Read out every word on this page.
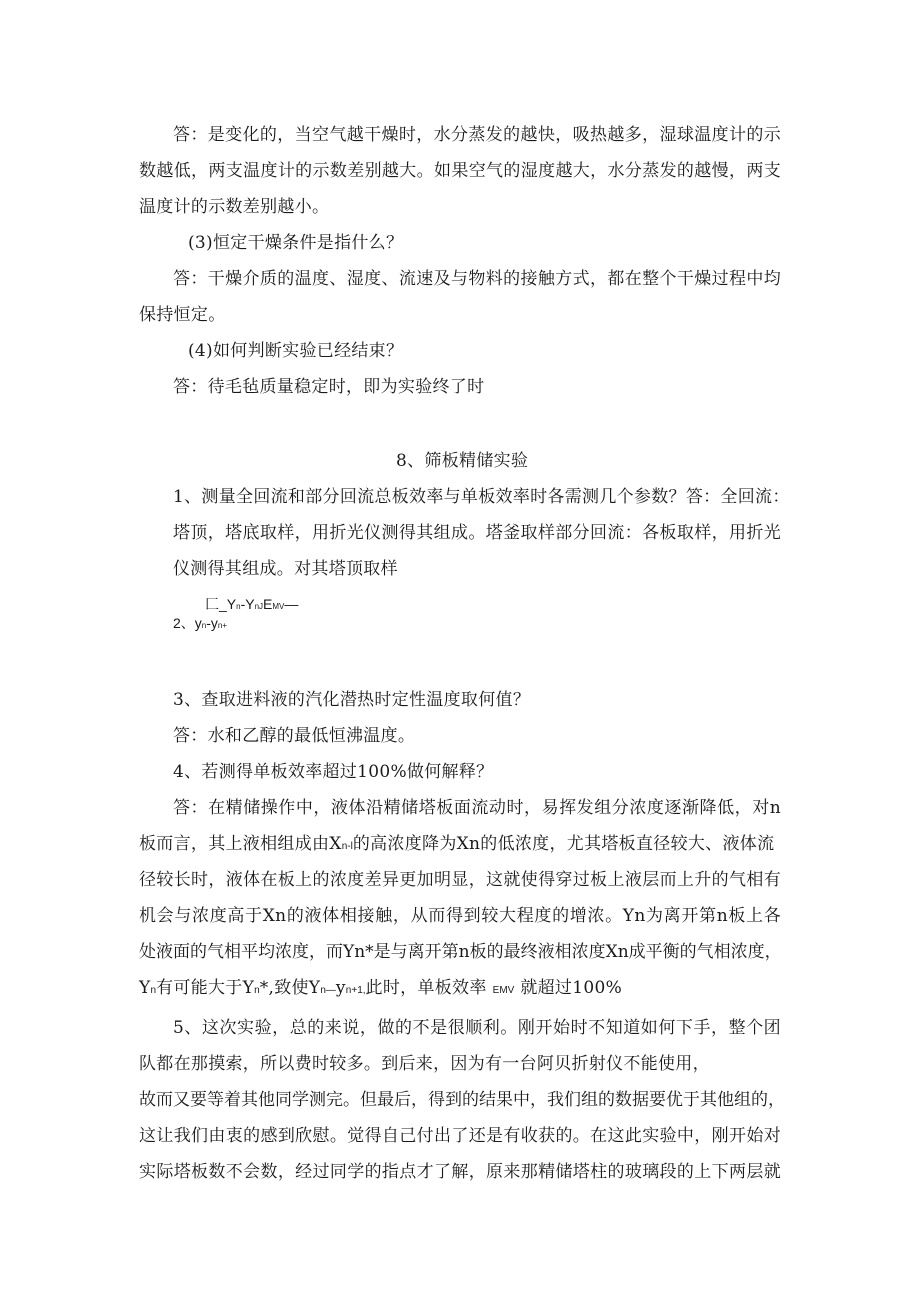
答：是变化的，当空气越干燥时，水分蒸发的越快，吸热越多，湿球温度计的示
数越低，两支温度计的示数差别越大。如果空气的湿度越大，水分蒸发的越慢，两支
温度计的示数差别越小。
(3)恒定干燥条件是指什么？
答：干燥介质的温度、湿度、流速及与物料的接触方式，都在整个干燥过程中均
保持恒定。
(4)如何判断实验已经结束？
答：待毛毡质量稳定时，即为实验终了时
8、筛板精储实验
1、测量全回流和部分回流总板效率与单板效率时各需测几个参数？答：全回流：
塔顶，塔底取样，用折光仪测得其组成。塔釜取样部分回流：各板取样，用折光
仪测得其组成。对其塔顶取样
匚_Yn-YnJEMV—
2、yn-yn+
3、查取进料液的汽化潜热时定性温度取何值？
答：水和乙醇的最低恒沸温度。
4、若测得单板效率超过100%做何解释？
答：在精储操作中，液体沿精储塔板面流动时，易挥发组分浓度逐渐降低，对n
板而言，其上液相组成由Xn-l的高浓度降为Xn的低浓度，尤其塔板直径较大、液体流
径较长时，液体在板上的浓度差异更加明显，这就使得穿过板上液层而上升的气相有
机会与浓度高于Xn的液体相接触，从而得到较大程度的增浓。Yn为离开第n板上各
处液面的气相平均浓度，而Yn*是与离开第n板的最终液相浓度Xn成平衡的气相浓度，
Yn有可能大于Yn*,致使Yn—yn+1,此时，单板效率 EMV 就超过100%
5、这次实验，总的来说，做的不是很顺利。刚开始时不知道如何下手，整个团
队都在那摸索，所以费时较多。到后来，因为有一台阿贝折射仪不能使用，
故而又要等着其他同学测完。但最后，得到的结果中，我们组的数据要优于其他组的，
这让我们由衷的感到欣慰。觉得自己付出了还是有收获的。在这此实验中，刚开始对
实际塔板数不会数，经过同学的指点才了解，原来那精储塔柱的玻璃段的上下两层就
